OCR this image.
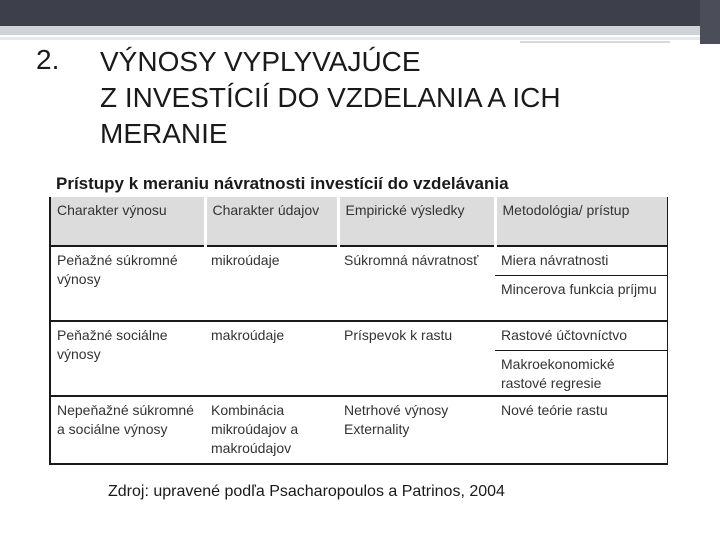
2. VÝNOSY VYPLYVAJÚCE
Z INVESTÍCIÍ DO VZDELANIA A ICH
MERANIE
Prístupy k meraniu návratnosti investícií do vzdelávania
Charakter výnosu	Charakter údajov	Empirické výsledky	Metodológia/ prístup
Peňažné súkromné výnosy	mikroúdaje	Súkromná návratnosť	Miera návratnosti
			Mincerova funkcia príjmu
Peňažné sociálne výnosy	makroúdaje	Príspevok k rastu	Rastové účtovníctvo
			Makroekonomické rastové regresie
Nepeňažné súkromné a sociálne výnosy	Kombinácia mikroúdajov a makroúdajov	Netrhové výnosy Externality	Nové teórie rastu
Zdroj: upravené podľa Psacharopoulos a Patrinos, 2004
